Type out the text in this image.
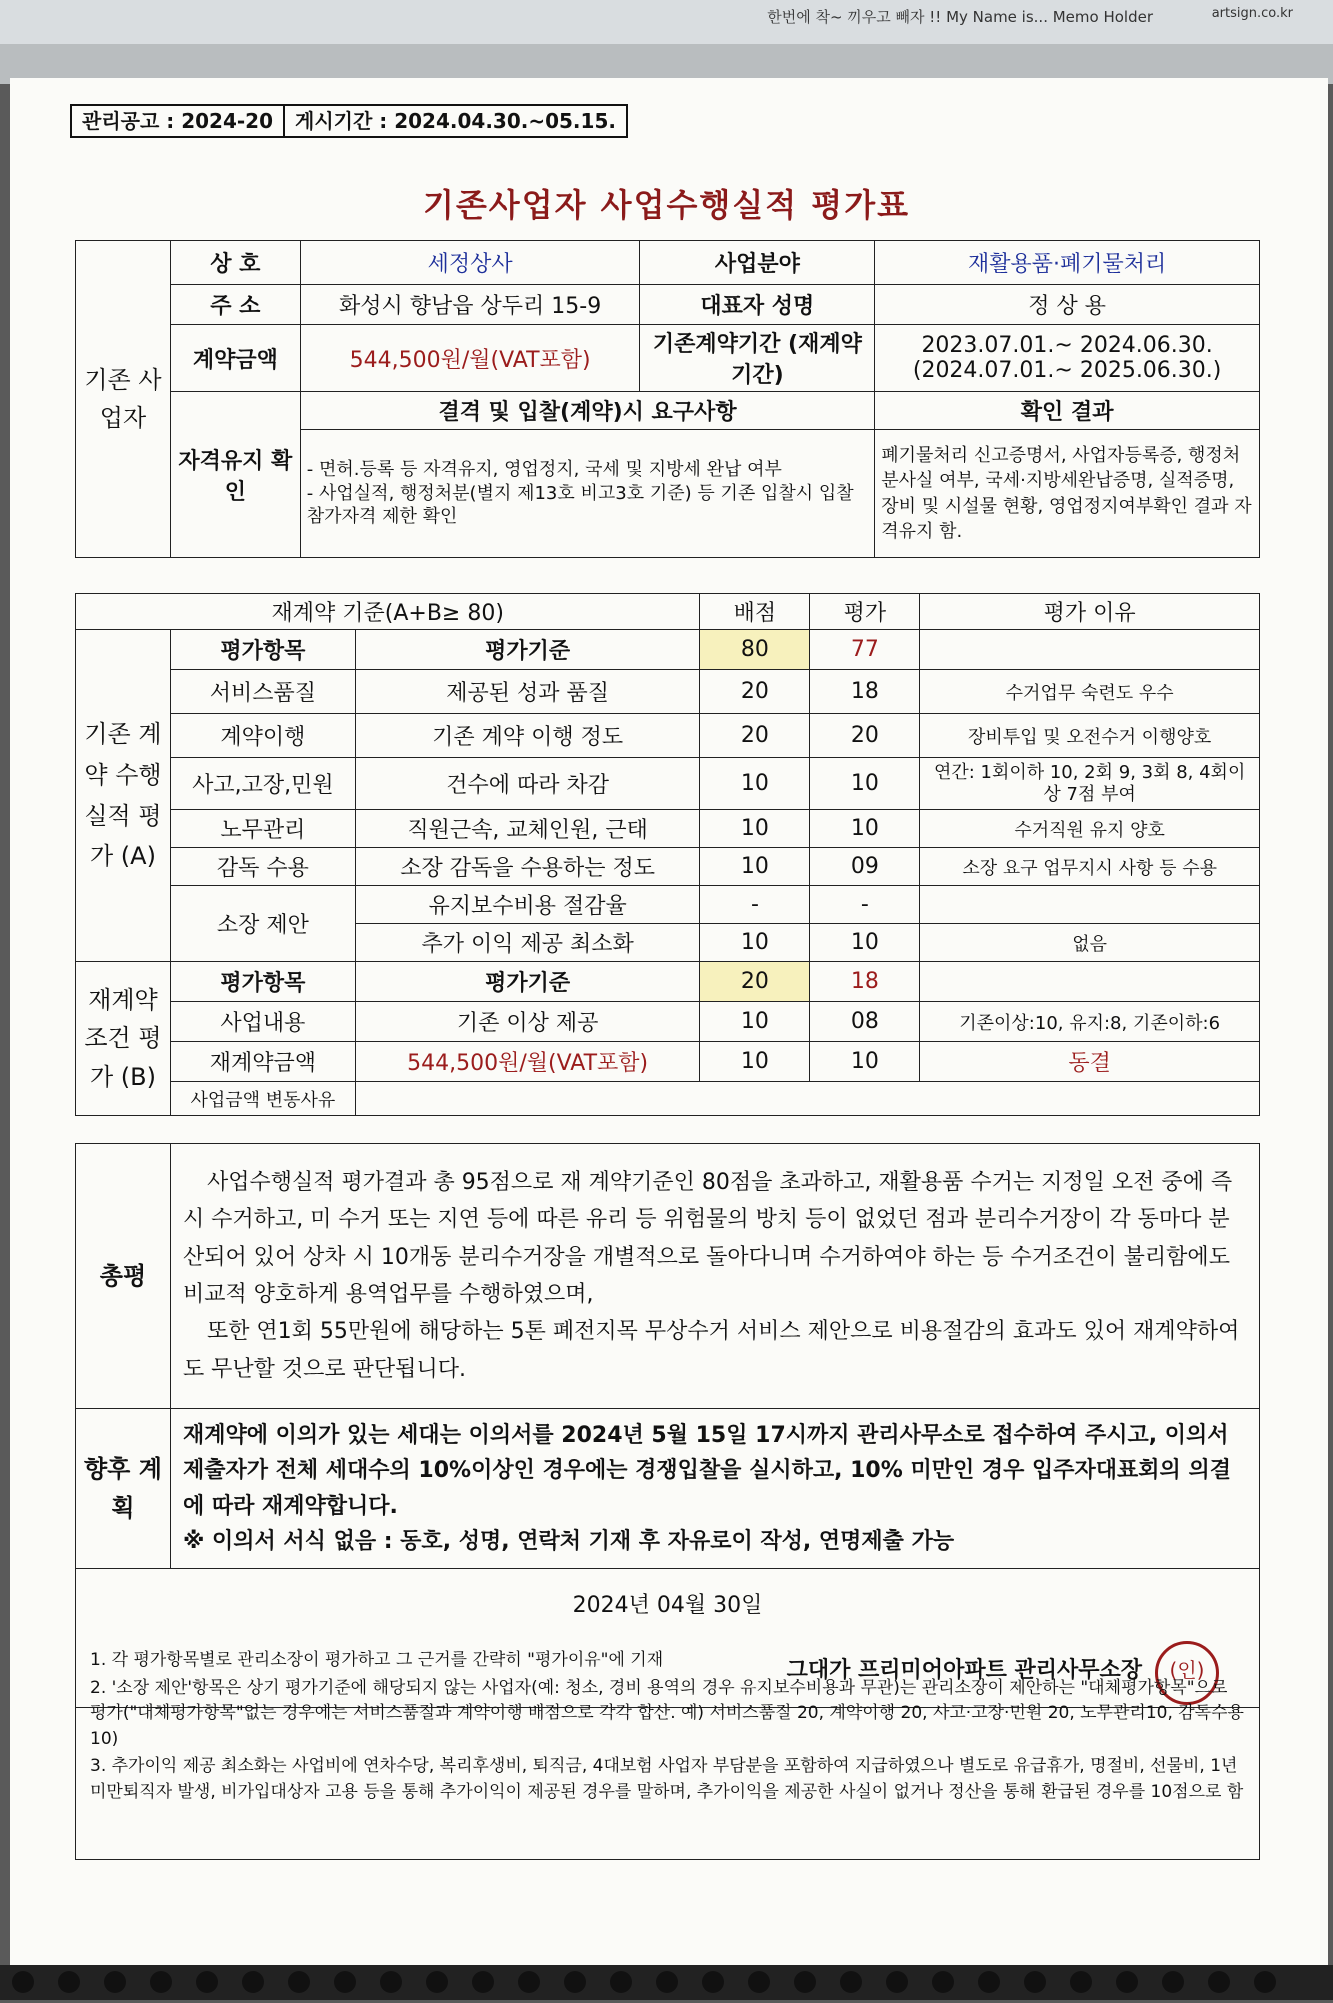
한번에 착~ 끼우고 빼자 !! My Name is... Memo Holder	artsign.co.kr
관리공고 : 2024-20	게시기간 : 2024.04.30.~05.15.
기존사업자 사업수행실적 평가표
기존 사업자	상 호	세정상사	사업분야	재활용품·폐기물처리
	주 소	화성시 향남읍 상두리 15-9	대표자 성명	정 상 용
	계약금액	544,500원/월(VAT포함)	기존계약기간 (재계약 기간)	2023.07.01.~ 2024.06.30.
(2024.07.01.~ 2025.06.30.)

	자격유지 확인	결격 및 입찰(계약)시 요구사항		확인 결과

		- 면허.등록 등 자격유지, 영업정지, 국세 및 지방세 완납 여부
- 사업실적, 행정처분(별지 제13호 비고3호 기준) 등 기존 입찰시 입찰참가자격 제한 확인		폐기물처리 신고증명서, 사업자등록증, 행정처분사실 여부, 국세·지방세완납증명, 실적증명, 장비 및 시설물 현황, 영업정지여부확인 결과 자격유지 함.
재계약 기준(A+B≥ 80)			배점	평가	평가 이유
기존 계약 수행 실적 평가 (A)	평가항목	평가기준	80	77	
	서비스품질	제공된 성과 품질	20	18	수거업무 숙련도 우수
	계약이행	기존 계약 이행 정도	20	20	장비투입 및 오전수거 이행양호
	사고,고장,민원	건수에 따라 차감	10	10	연간: 1회이하 10, 2회 9, 3회 8, 4회이상 7점 부여
	노무관리	직원근속, 교체인원, 근태	10	10	수거직원 유지 양호
	감독 수용	소장 감독을 수용하는 정도	10	09	소장 요구 업무지시 사항 등 수용
	소장 제안	유지보수비용 절감율	-	-	
		추가 이익 제공 최소화	10	10	없음
재계약 조건 평가 (B)	평가항목	평가기준	20	18	
	사업내용	기존 이상 제공	10	08	기존이상:10, 유지:8, 기존이하:6
	재계약금액	544,500원/월(VAT포함)	10	10	동결
	사업금액 변동사유				
총평	사업수행실적 평가결과 총 95점으로 재 계약기준인 80점을 초과하고, 재활용품 수거는 지정일 오전 중에 즉시 수거하고, 미 수거 또는 지연 등에 따른 유리 등 위험물의 방치 등이 없었던 점과 분리수거장이 각 동마다 분산되어 있어 상차 시 10개동 분리수거장을 개별적으로 돌아다니며 수거하여야 하는 등 수거조건이 불리함에도 비교적 양호하게 용역업무를 수행하였으며,
또한 연1회 55만원에 해당하는 5톤 폐전지목 무상수거 서비스 제안으로 비용절감의 효과도 있어 재계약하여도 무난할 것으로 판단됩니다.

향후 계획	재계약에 이의가 있는 세대는 이의서를 2024년 5월 15일 17시까지 관리사무소로 접수하여 주시고, 이의서 제출자가 전체 세대수의 10%이상인 경우에는 경쟁입찰을 실시하고, 10% 미만인 경우 입주자대표회의 의결에 따라 재계약합니다.
※ 이의서 서식 없음 : 동호, 성명, 연락처 기재 후 자유로이 작성, 연명제출 가능

2024년 04월 30일	
그대가 프리미어아파트 관리사무소장 (인)	
1. 각 평가항목별로 관리소장이 평가하고 그 근거를 간략히 "평가이유"에 기재
2. '소장 제안'항목은 상기 평가기준에 해당되지 않는 사업자(예: 청소, 경비 용역의 경우 유지보수비용과 무관)는 관리소장이 제안하는 "대체평가항목"으로 평가("대체평가항목"없는 경우에는 서비스품질과 계약이행 배점으로 각각 합산. 예) 서비스품질 20, 계약이행 20, 사고·고장·민원 20, 노무관리10, 감독수용10)
3. 추가이익 제공 최소화는 사업비에 연차수당, 복리후생비, 퇴직금, 4대보험 사업자 부담분을 포함하여 지급하였으나 별도로 유급휴가, 명절비, 선물비, 1년미만퇴직자 발생, 비가입대상자 고용 등을 통해 추가이익이 제공된 경우를 말하며, 추가이익을 제공한 사실이 없거나 정산을 통해 환급된 경우를 10점으로 함
